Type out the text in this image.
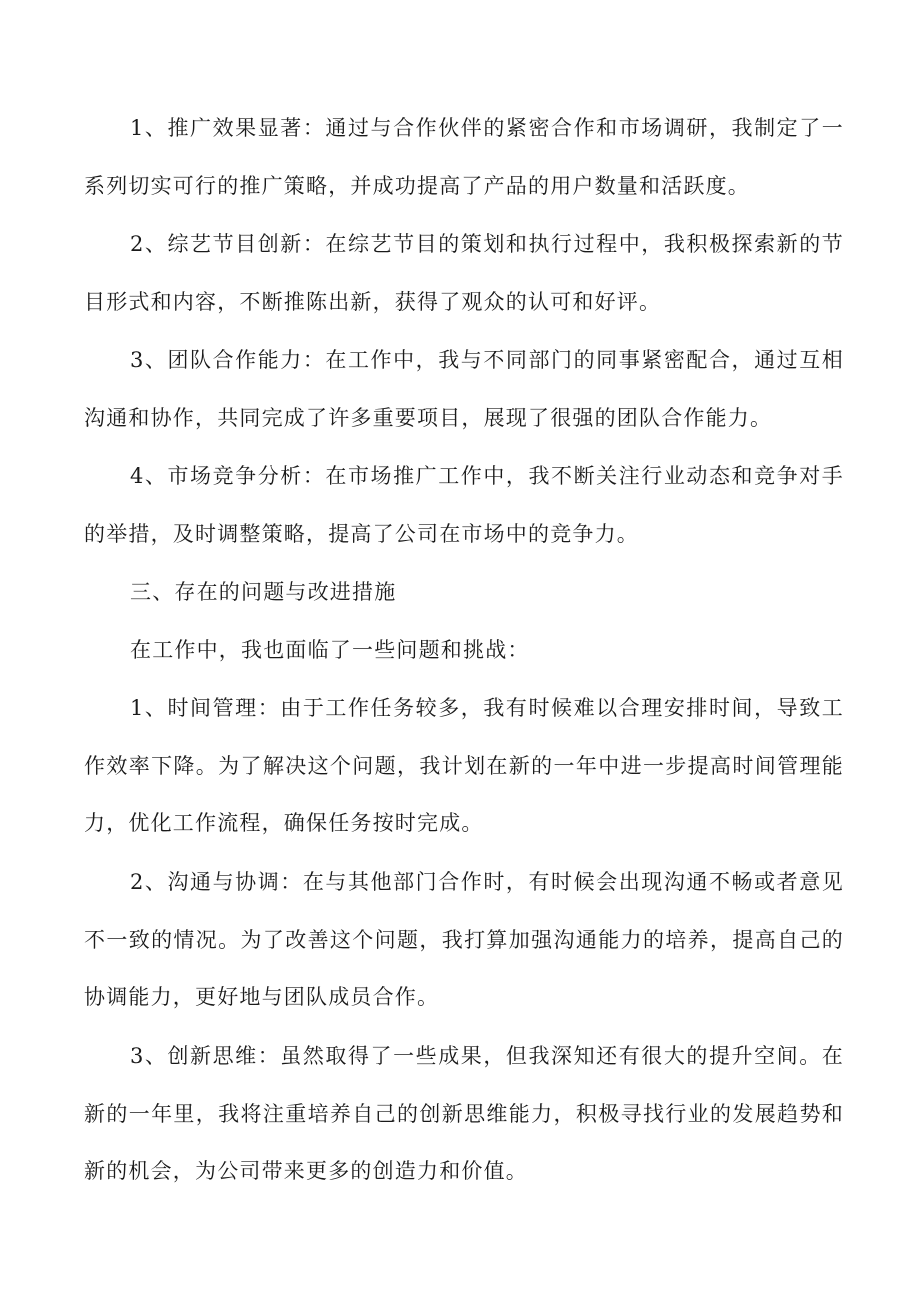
1、推广效果显著：通过与合作伙伴的紧密合作和市场调研，我制定了一系列切实可行的推广策略，并成功提高了产品的用户数量和活跃度。

2、综艺节目创新：在综艺节目的策划和执行过程中，我积极探索新的节目形式和内容，不断推陈出新，获得了观众的认可和好评。

3、团队合作能力：在工作中，我与不同部门的同事紧密配合，通过互相沟通和协作，共同完成了许多重要项目，展现了很强的团队合作能力。

4、市场竞争分析：在市场推广工作中，我不断关注行业动态和竞争对手的举措，及时调整策略，提高了公司在市场中的竞争力。

三、存在的问题与改进措施

在工作中，我也面临了一些问题和挑战：

1、时间管理：由于工作任务较多，我有时候难以合理安排时间，导致工作效率下降。为了解决这个问题，我计划在新的一年中进一步提高时间管理能力，优化工作流程，确保任务按时完成。

2、沟通与协调：在与其他部门合作时，有时候会出现沟通不畅或者意见不一致的情况。为了改善这个问题，我打算加强沟通能力的培养，提高自己的协调能力，更好地与团队成员合作。

3、创新思维：虽然取得了一些成果，但我深知还有很大的提升空间。在新的一年里，我将注重培养自己的创新思维能力，积极寻找行业的发展趋势和新的机会，为公司带来更多的创造力和价值。
